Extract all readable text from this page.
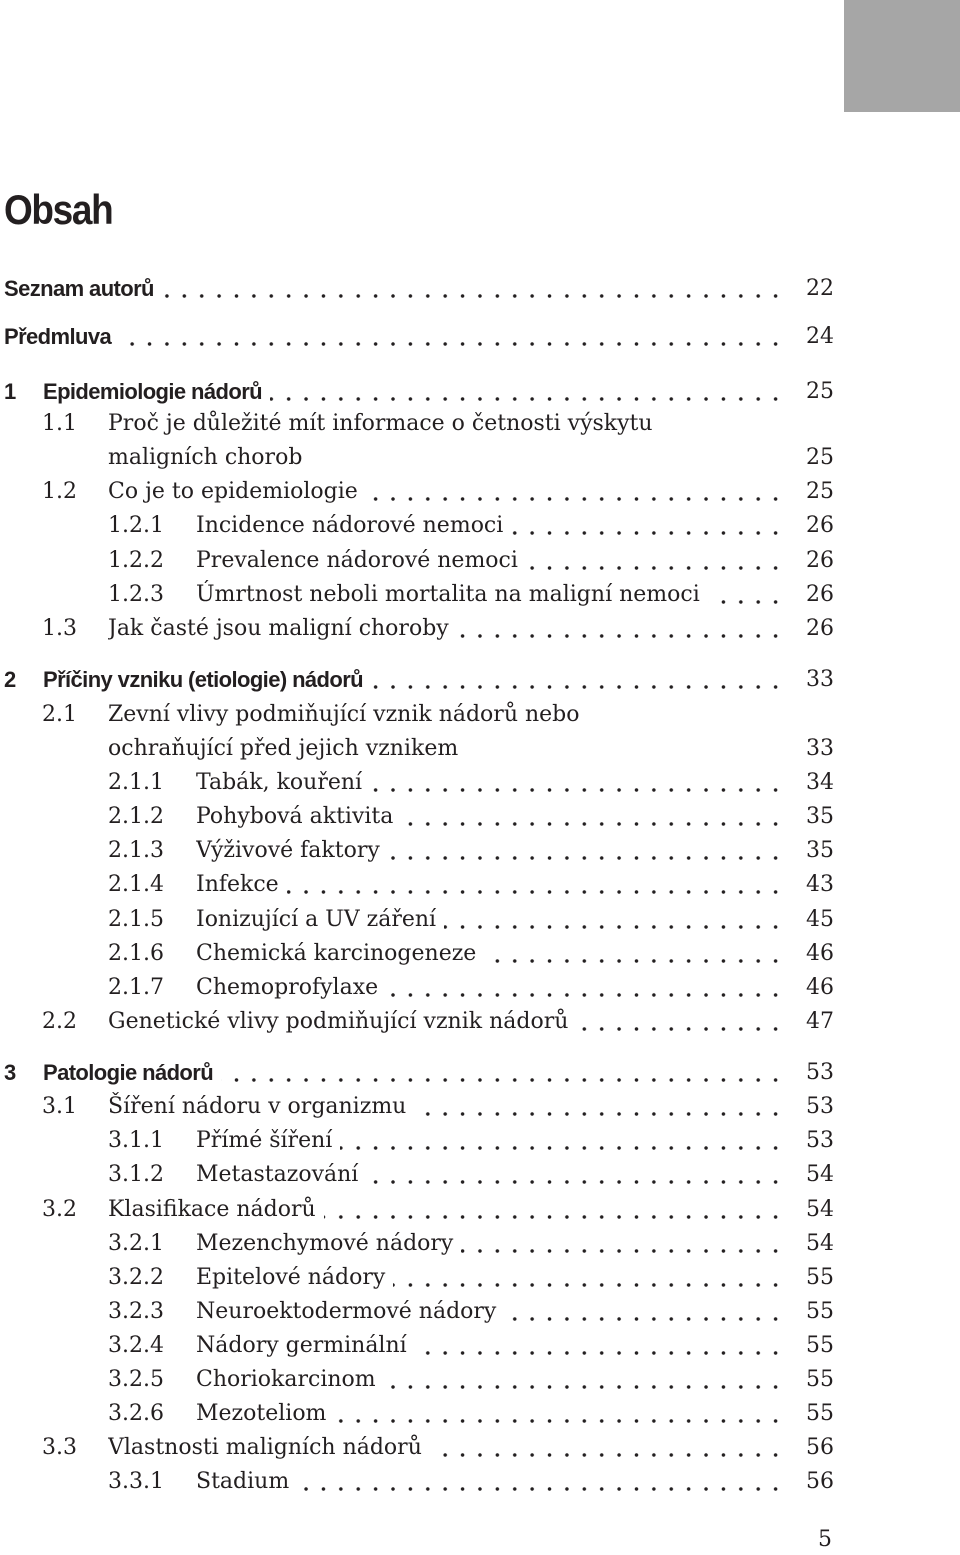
Obsah
Seznam autorů	22
Předmluva	24
1 Epidemiologie nádorů	25
1.1 Proč je důležité mít informace o četnosti výskytu
maligních chorob	25
1.2 Co je to epidemiologie	25
1.2.1 Incidence nádorové nemoci	26
1.2.2 Prevalence nádorové nemoci	26
1.2.3 Úmrtnost neboli mortalita na maligní nemoci	26
1.3 Jak časté jsou maligní choroby	26
2 Příčiny vzniku (etiologie) nádorů	33
2.1 Zevní vlivy podmiňující vznik nádorů nebo
ochraňující před jejich vznikem	33
2.1.1 Tabák, kouření	34
2.1.2 Pohybová aktivita	35
2.1.3 Výživové faktory	35
2.1.4 Infekce	43
2.1.5 Ionizující a UV záření	45
2.1.6 Chemická karcinogeneze	46
2.1.7 Chemoprofylaxe	46
2.2 Genetické vlivy podmiňující vznik nádorů	47
3 Patologie nádorů	53
3.1 Šíření nádoru v organizmu	53
3.1.1 Přímé šíření	53
3.1.2 Metastazování	54
3.2 Klasifikace nádorů	54
3.2.1 Mezenchymové nádory	54
3.2.2 Epitelové nádory	55
3.2.3 Neuroektodermové nádory	55
3.2.4 Nádory germinální	55
3.2.5 Choriokarcinom	55
3.2.6 Mezoteliom	55
3.3 Vlastnosti maligních nádorů	56
3.3.1 Stadium	56
5
